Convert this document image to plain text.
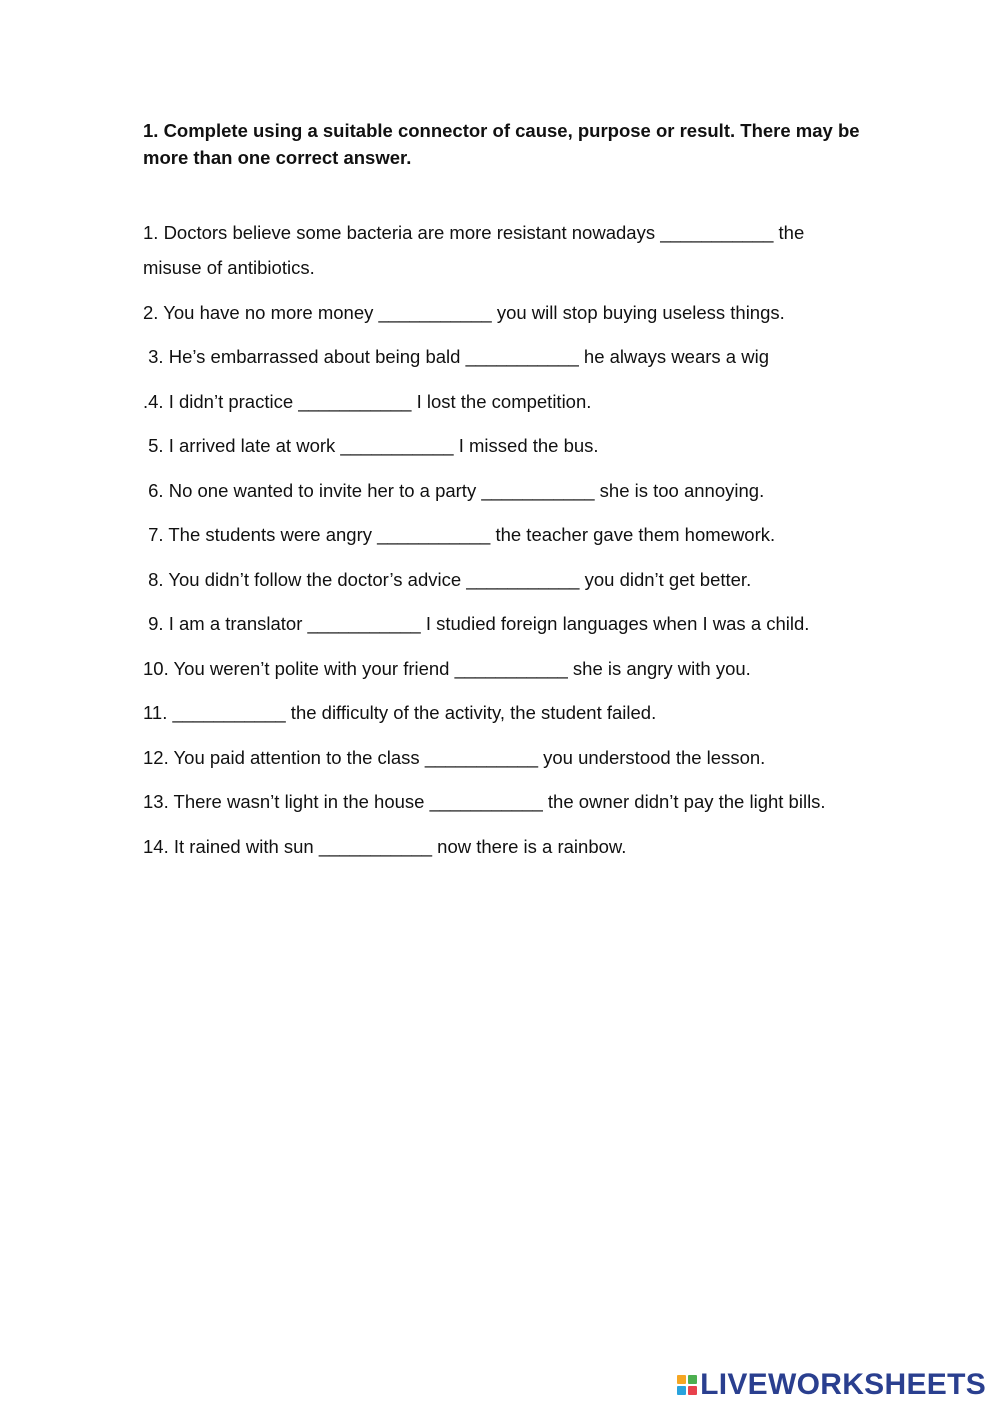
1. Complete using a suitable connector of cause, purpose or result. There may be more than one correct answer.

1. Doctors believe some bacteria are more resistant nowadays ___________ the misuse of antibiotics.
2. You have no more money ___________ you will stop buying useless things.
3. He’s embarrassed about being bald ___________ he always wears a wig
.4. I didn’t practice ___________ I lost the competition.
5. I arrived late at work ___________ I missed the bus.
6. No one wanted to invite her to a party ___________ she is too annoying.
7. The students were angry ___________ the teacher gave them homework.
8. You didn’t follow the doctor’s advice ___________ you didn’t get better.
9. I am a translator ___________ I studied foreign languages when I was a child.
10. You weren’t polite with your friend ___________ she is angry with you.
11. ___________ the difficulty of the activity, the student failed.
12. You paid attention to the class ___________ you understood the lesson.
13. There wasn’t light in the house ___________ the owner didn’t pay the light bills.
14. It rained with sun ___________ now there is a rainbow.
LIVEWORKSHEETS
